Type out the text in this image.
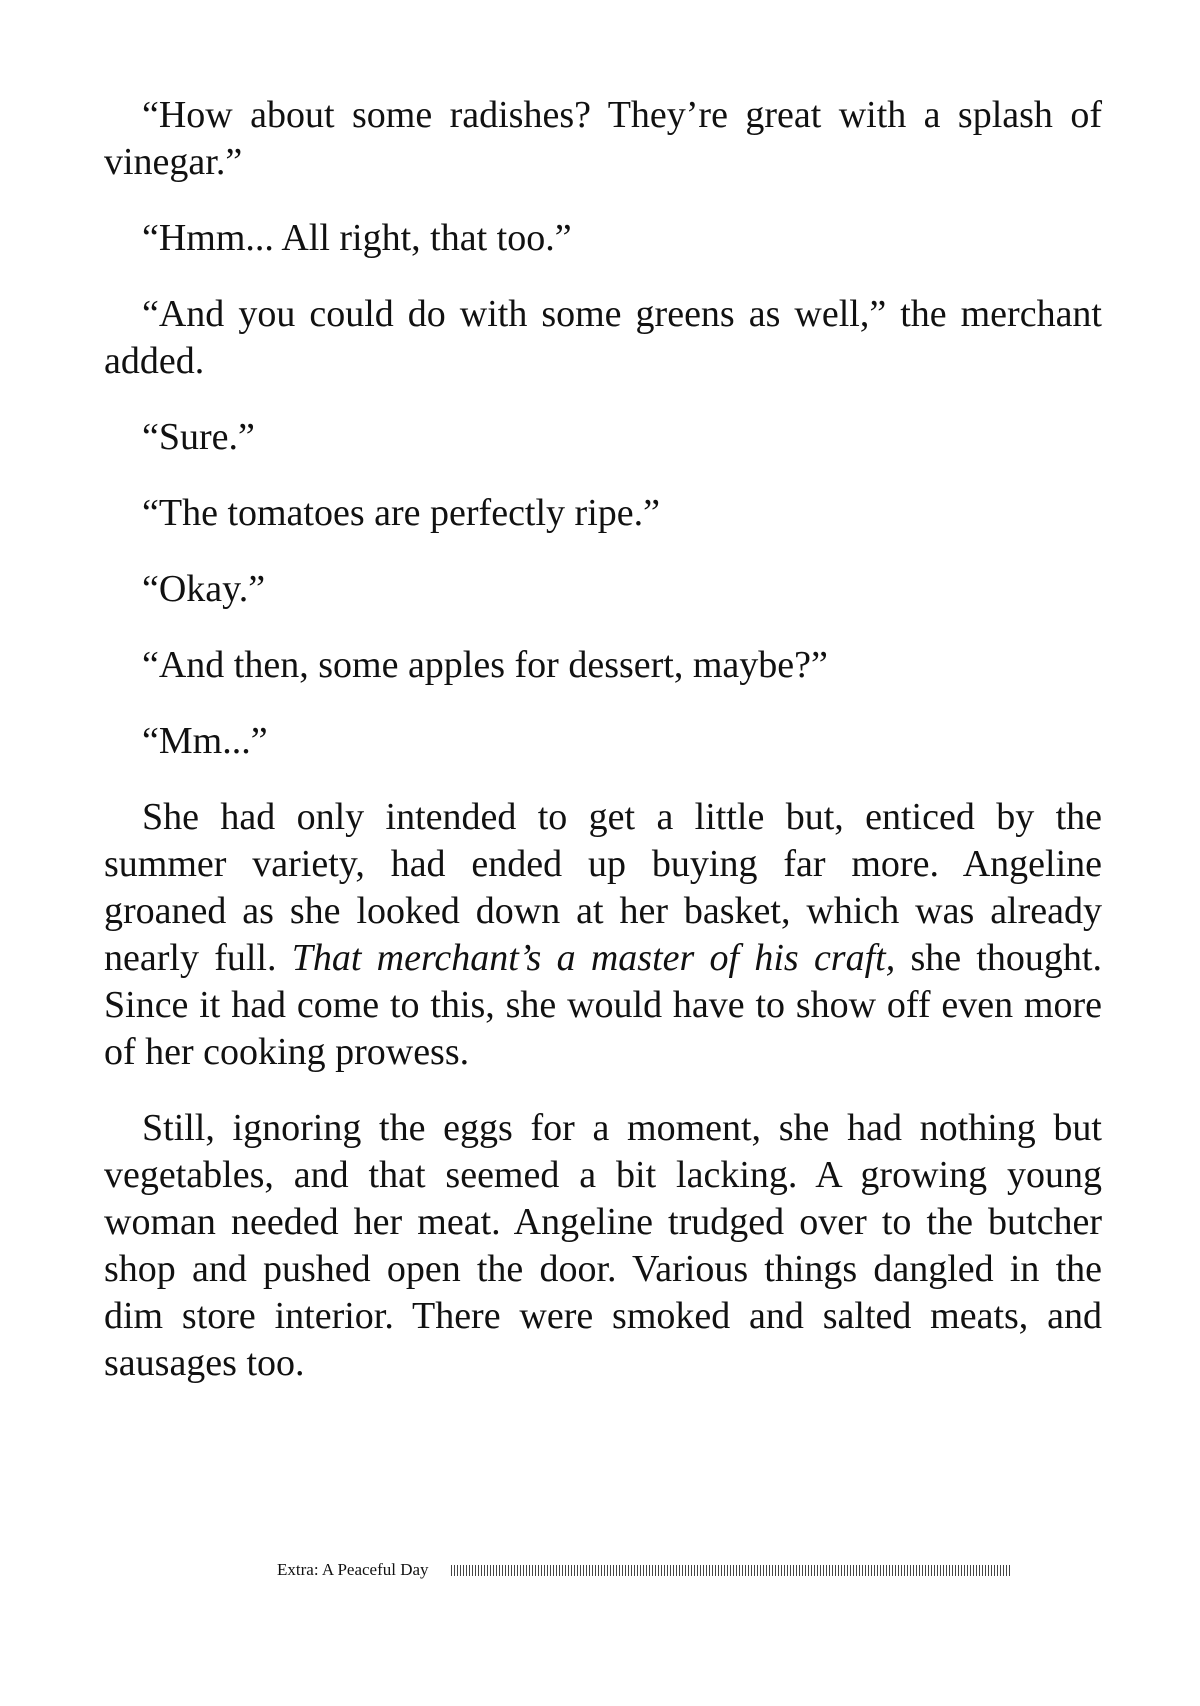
“How about some radishes? They’re great with a splash of vinegar.”

“Hmm... All right, that too.”

“And you could do with some greens as well,” the merchant added.

“Sure.”

“The tomatoes are perfectly ripe.”

“Okay.”

“And then, some apples for dessert, maybe?”

“Mm...”

She had only intended to get a little but, enticed by the summer variety, had ended up buying far more. Angeline groaned as she looked down at her basket, which was already nearly full. That merchant’s a master of his craft, she thought. Since it had come to this, she would have to show off even more of her cooking prowess.

Still, ignoring the eggs for a moment, she had nothing but vegetables, and that seemed a bit lacking. A growing young woman needed her meat. Angeline trudged over to the butcher shop and pushed open the door. Various things dangled in the dim store interior. There were smoked and salted meats, and sausages too.

Extra: A Peaceful Day
